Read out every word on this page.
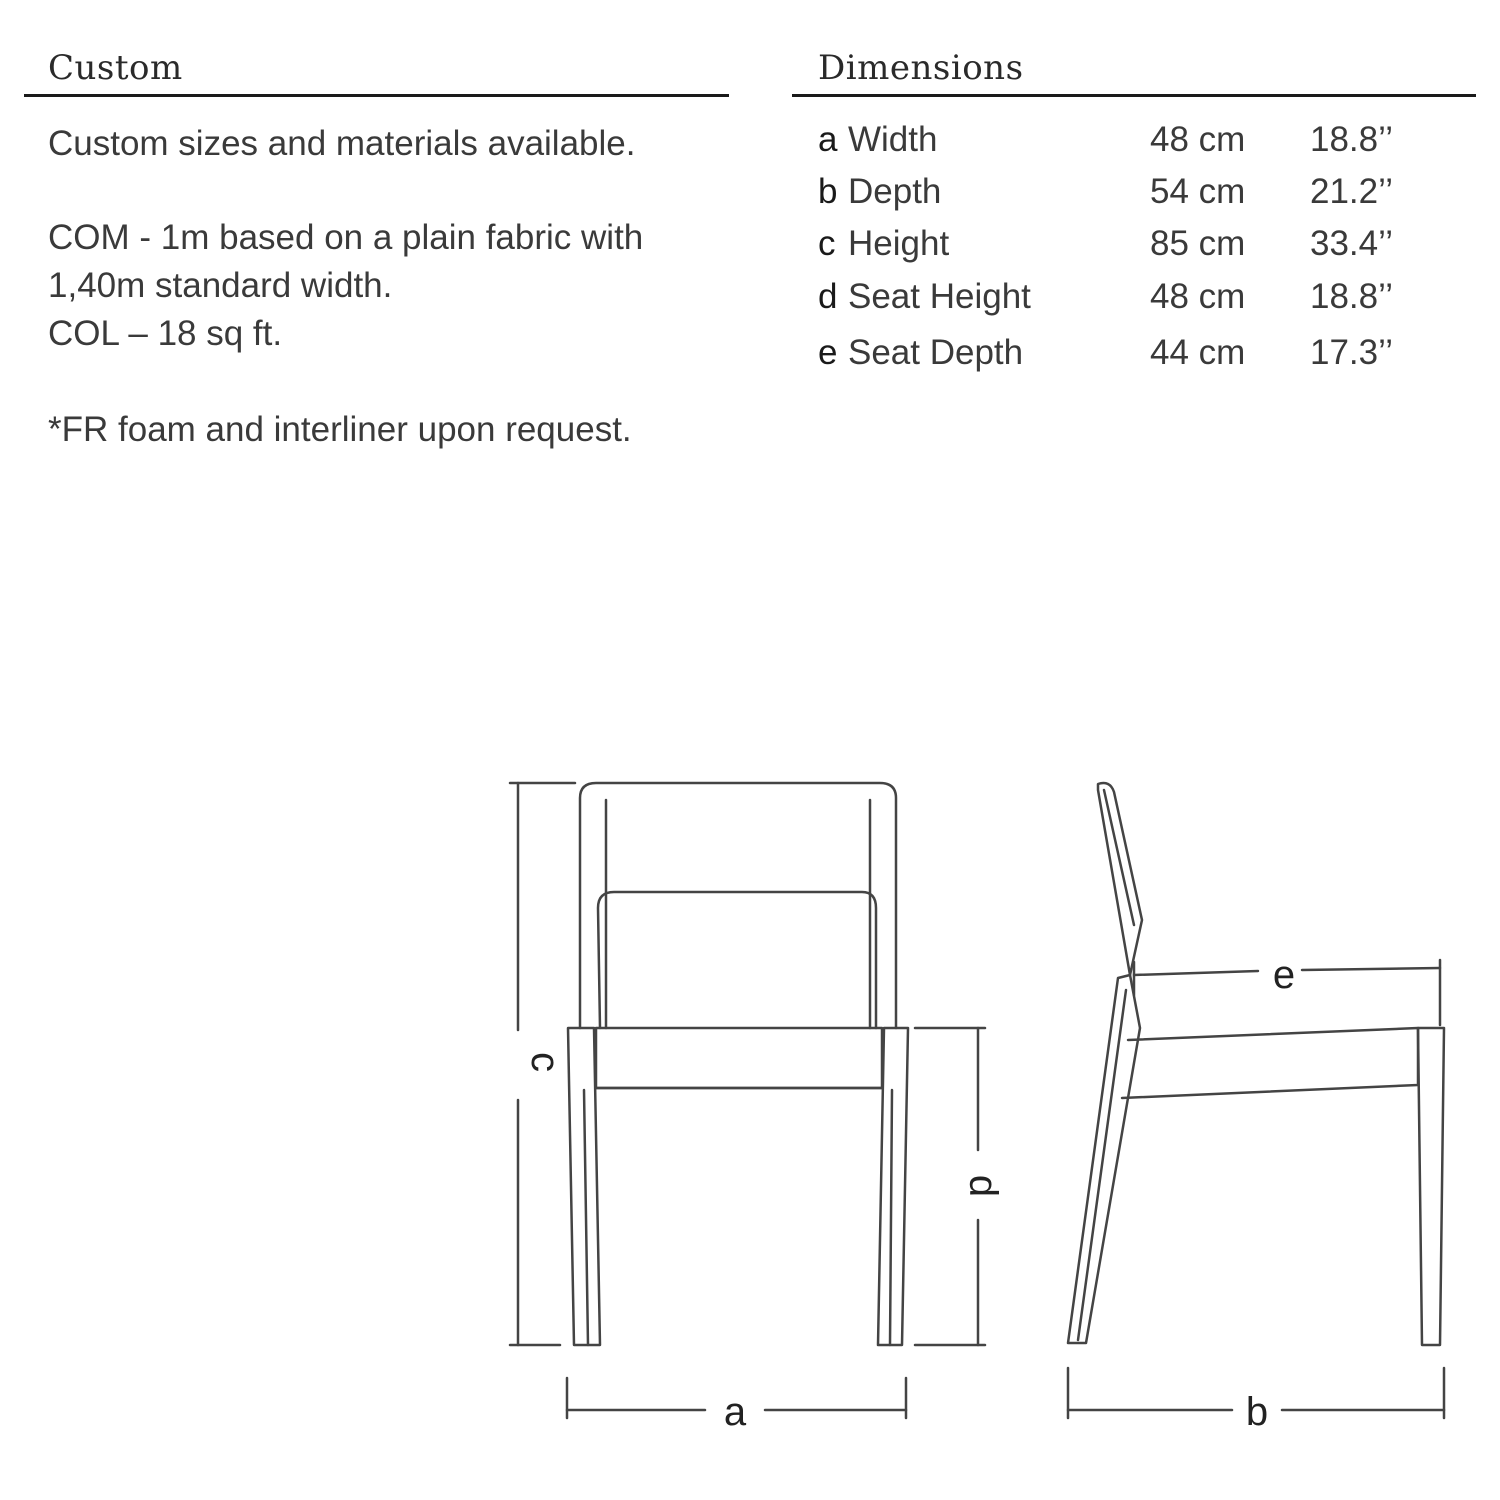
Custom

Custom sizes and materials available.

COM - 1m based on a plain fabric with

1,40m standard width.

COL – 18 sq ft.

*FR foam and interliner upon request.

Dimensions
a Width	48 cm 18.8’’
b Depth	54 cm 21.2’’
c Height	85 cm 33.4’’
d Seat Height	48 cm 18.8’’
e Seat Depth	44 cm 17.3’’
a	b
e
c
d
